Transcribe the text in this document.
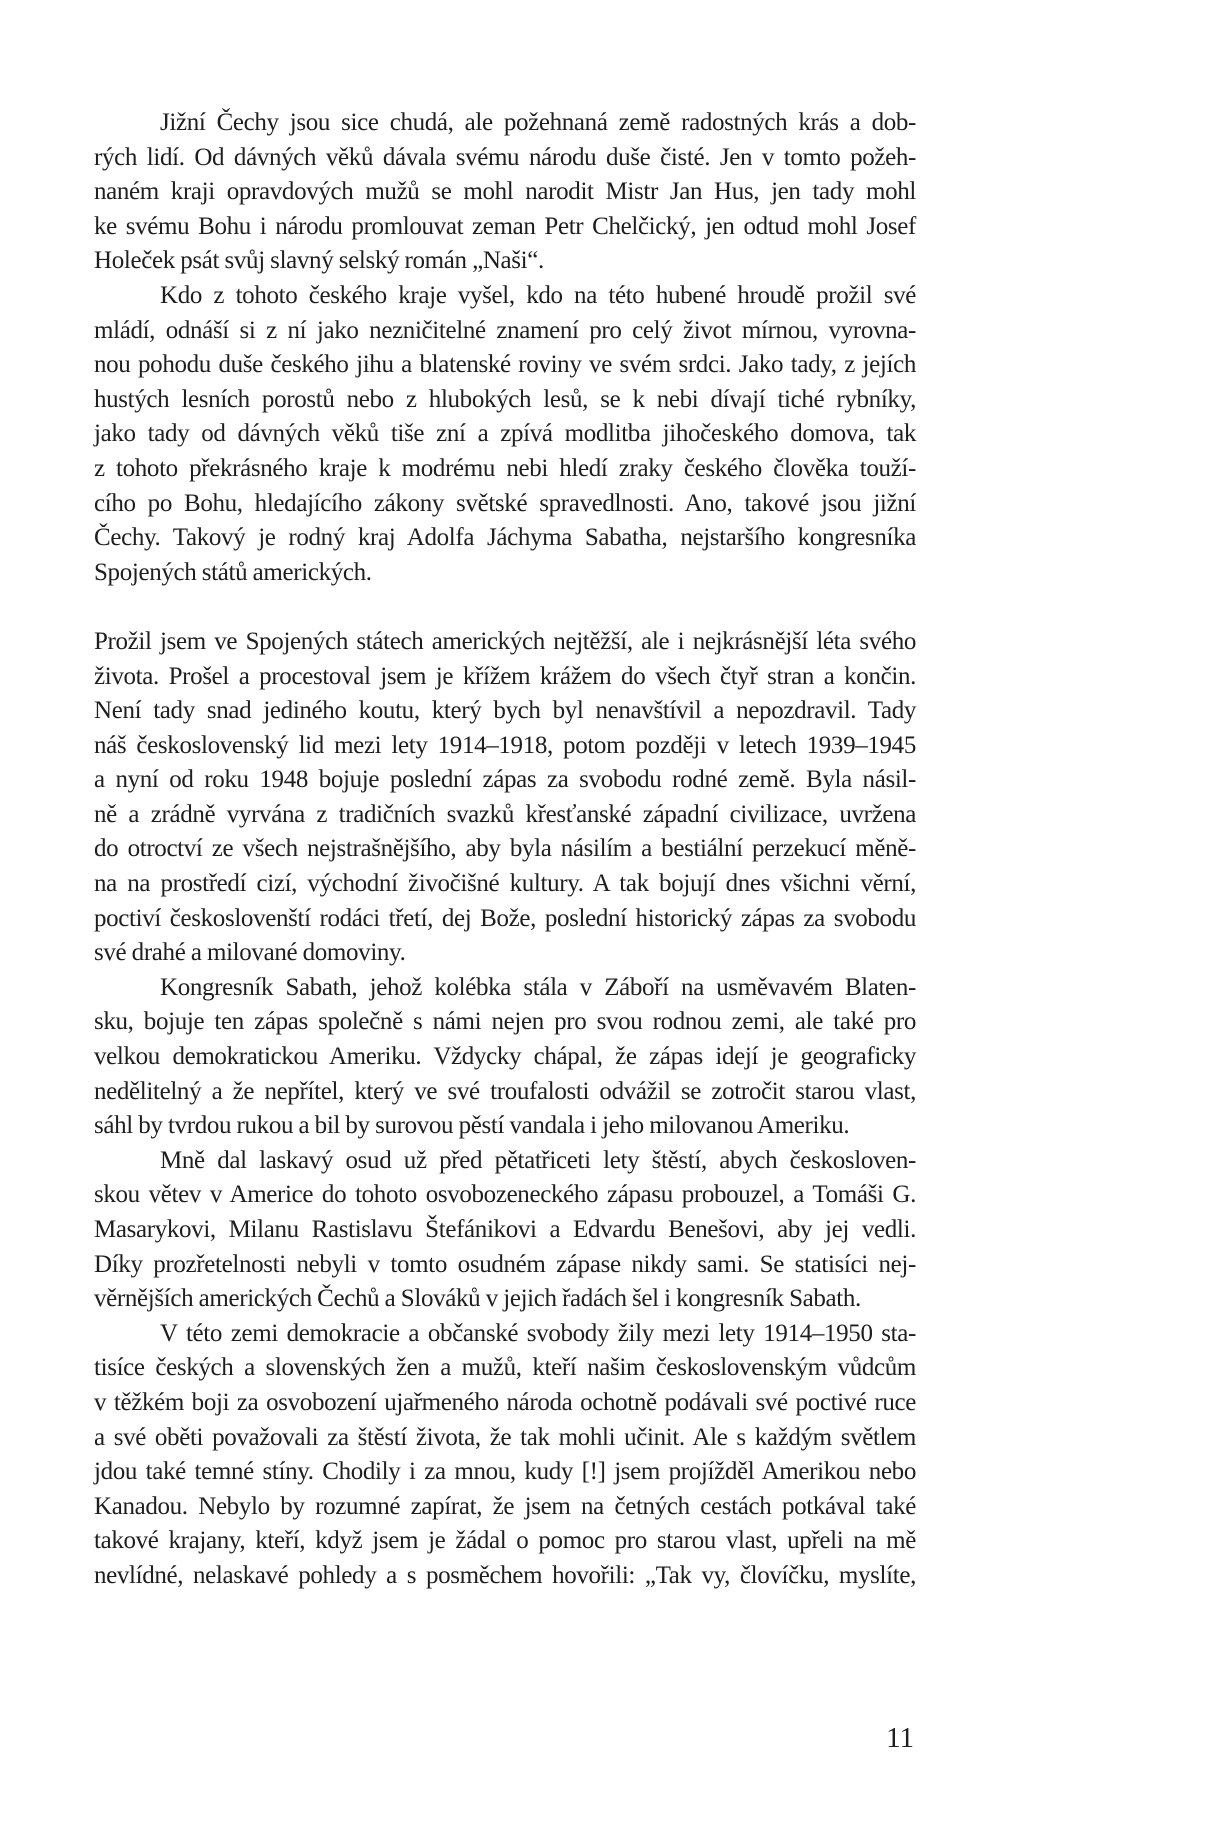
Jižní Čechy jsou sice chudá, ale požehnaná země radostných krás a dob-
rých lidí. Od dávných věků dávala svému národu duše čisté. Jen v tomto požeh-
naném kraji opravdových mužů se mohl narodit Mistr Jan Hus, jen tady mohl
ke svému Bohu i národu promlouvat zeman Petr Chelčický, jen odtud mohl Josef
Holeček psát svůj slavný selský román „Naši“.
Kdo z tohoto českého kraje vyšel, kdo na této hubené hroudě prožil své
mládí, odnáší si z ní jako nezničitelné znamení pro celý život mírnou, vyrovna-
nou pohodu duše českého jihu a blatenské roviny ve svém srdci. Jako tady, z jejích
hustých lesních porostů nebo z hlubokých lesů, se k nebi dívají tiché rybníky,
jako tady od dávných věků tiše zní a zpívá modlitba jihočeského domova, tak
z tohoto překrásného kraje k modrému nebi hledí zraky českého člověka touží-
cího po Bohu, hledajícího zákony světské spravedlnosti. Ano, takové jsou jižní
Čechy. Takový je rodný kraj Adolfa Jáchyma Sabatha, nejstaršího kongresníka
Spojených států amerických.
Prožil jsem ve Spojených státech amerických nejtěžší, ale i nejkrásnější léta svého
života. Prošel a procestoval jsem je křížem krážem do všech čtyř stran a končin.
Není tady snad jediného koutu, který bych byl nenavštívil a nepozdravil. Tady
náš československý lid mezi lety 1914–1918, potom později v letech 1939–1945
a nyní od roku 1948 bojuje poslední zápas za svobodu rodné země. Byla násil-
ně a zrádně vyrvána z tradičních svazků křesťanské západní civilizace, uvržena
do otroctví ze všech nejstrašnějšího, aby byla násilím a bestiální perzekucí měně-
na na prostředí cizí, východní živočišné kultury. A tak bojují dnes všichni věrní,
poctiví českoslovenští rodáci třetí, dej Bože, poslední historický zápas za svobodu
své drahé a milované domoviny.
Kongresník Sabath, jehož kolébka stála v Záboří na usměvavém Blaten-
sku, bojuje ten zápas společně s námi nejen pro svou rodnou zemi, ale také pro
velkou demokratickou Ameriku. Vždycky chápal, že zápas idejí je geograficky
nedělitelný a že nepřítel, který ve své troufalosti odvážil se zotročit starou vlast,
sáhl by tvrdou rukou a bil by surovou pěstí vandala i jeho milovanou Ameriku.
Mně dal laskavý osud už před pětatřiceti lety štěstí, abych českosloven-
skou větev v Americe do tohoto osvobozeneckého zápasu probouzel, a Tomáši G.
Masarykovi, Milanu Rastislavu Štefánikovi a Edvardu Benešovi, aby jej vedli.
Díky prozřetelnosti nebyli v tomto osudném zápase nikdy sami. Se statisíci nej-
věrnějších amerických Čechů a Slováků v jejich řadách šel i kongresník Sabath.
V této zemi demokracie a občanské svobody žily mezi lety 1914–1950 sta-
tisíce českých a slovenských žen a mužů, kteří našim československým vůdcům
v těžkém boji za osvobození ujařmeného národa ochotně podávali své poctivé ruce
a své oběti považovali za štěstí života, že tak mohli učinit. Ale s každým světlem
jdou také temné stíny. Chodily i za mnou, kudy [!] jsem projížděl Amerikou nebo
Kanadou. Nebylo by rozumné zapírat, že jsem na četných cestách potkával také
takové krajany, kteří, když jsem je žádal o pomoc pro starou vlast, upřeli na mě
nevlídné, nelaskavé pohledy a s posměchem hovořili: „Tak vy, človíčku, myslíte,
11
